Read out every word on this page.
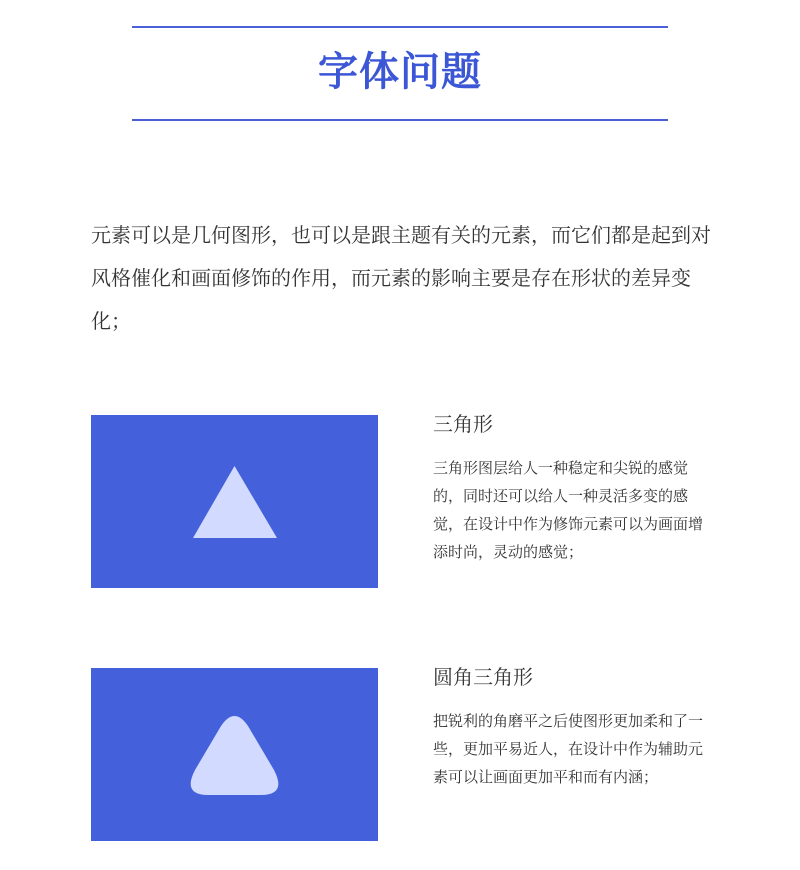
字体问题
元素可以是几何图形，也可以是跟主题有关的元素，而它们都是起到对风格催化和画面修饰的作用，而元素的影响主要是存在形状的差异变化；
三角形
三角形图层给人一种稳定和尖锐的感觉的，同时还可以给人一种灵活多变的感觉，在设计中作为修饰元素可以为画面增添时尚，灵动的感觉；
圆角三角形
把锐利的角磨平之后使图形更加柔和了一些，更加平易近人，在设计中作为辅助元素可以让画面更加平和而有内涵；
